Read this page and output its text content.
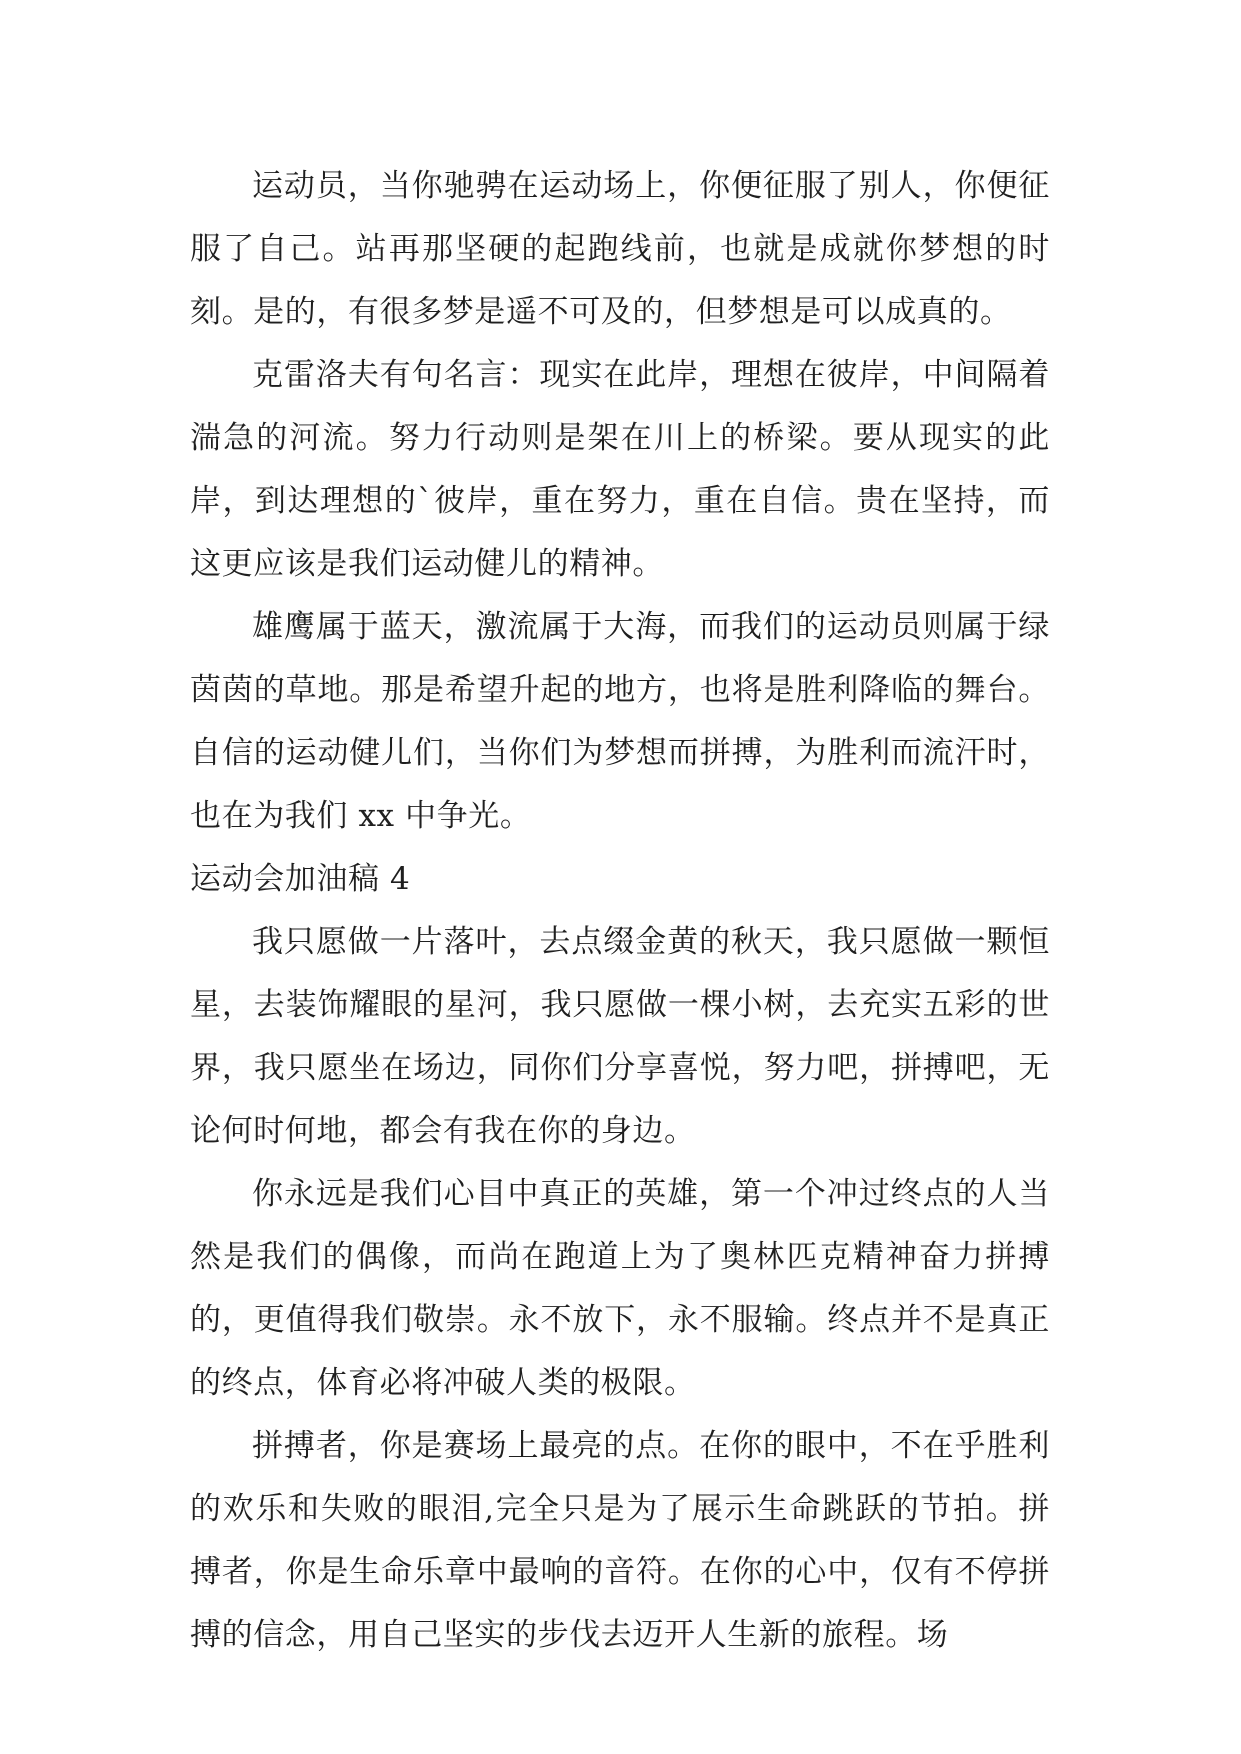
运动员，当你驰骋在运动场上，你便征服了别人，你便征服了自己。站再那坚硬的起跑线前，也就是成就你梦想的时刻。是的，有很多梦是遥不可及的，但梦想是可以成真的。

克雷洛夫有句名言：现实在此岸，理想在彼岸，中间隔着湍急的河流。努力行动则是架在川上的桥梁。要从现实的此岸，到达理想的`彼岸，重在努力，重在自信。贵在坚持，而这更应该是我们运动健儿的精神。

雄鹰属于蓝天，激流属于大海，而我们的运动员则属于绿茵茵的草地。那是希望升起的地方，也将是胜利降临的舞台。自信的运动健儿们，当你们为梦想而拼搏，为胜利而流汗时，也在为我们 xx 中争光。

运动会加油稿 4

我只愿做一片落叶，去点缀金黄的秋天，我只愿做一颗恒星，去装饰耀眼的星河，我只愿做一棵小树，去充实五彩的世界，我只愿坐在场边，同你们分享喜悦，努力吧，拼搏吧，无论何时何地，都会有我在你的身边。

你永远是我们心目中真正的英雄，第一个冲过终点的人当然是我们的偶像，而尚在跑道上为了奥林匹克精神奋力拼搏的，更值得我们敬崇。永不放下，永不服输。终点并不是真正的终点，体育必将冲破人类的极限。

拼搏者，你是赛场上最亮的点。在你的眼中，不在乎胜利的欢乐和失败的眼泪,完全只是为了展示生命跳跃的节拍。拼搏者，你是生命乐章中最响的音符。在你的心中，仅有不停拼搏的信念，用自己坚实的步伐去迈开人生新的旅程。场
